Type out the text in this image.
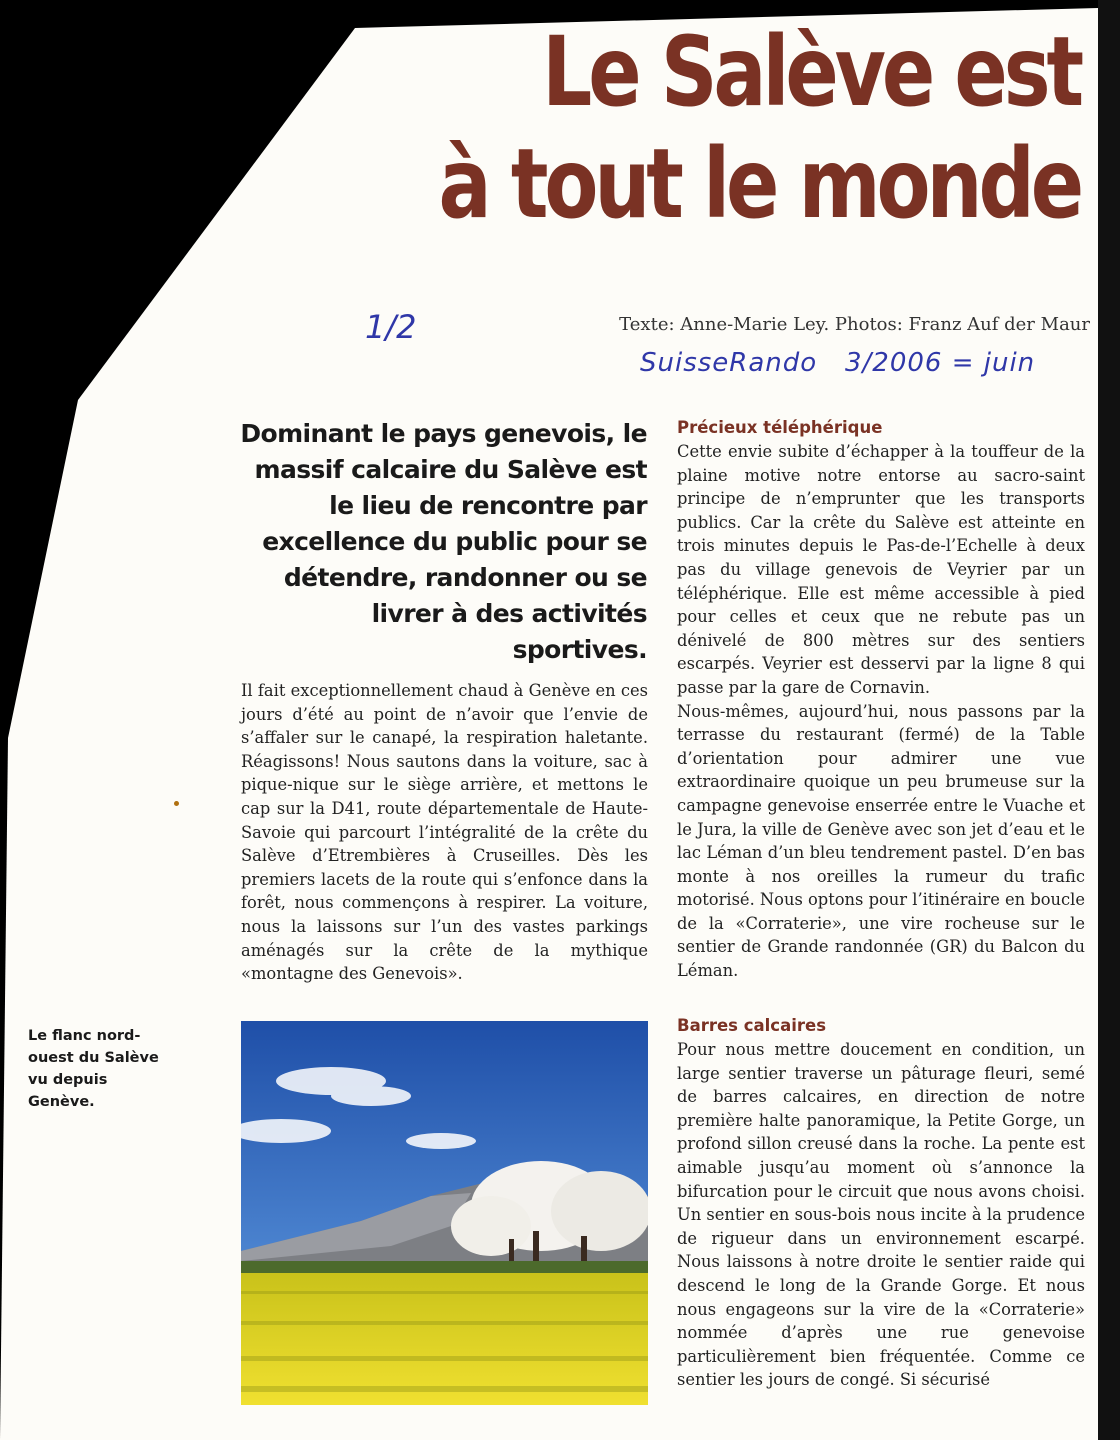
Le Salève est
à tout le monde
1/2	Texte: Anne-Marie Ley. Photos: Franz Auf der Maur
SuisseRando   3/2006 = juin

Dominant le pays genevois, le massif calcaire du Salève est le lieu de rencontre par excellence du public pour se détendre, randonner ou se livrer à des activités sportives.

Il fait exceptionnellement chaud à Genève en ces jours d’été au point de n’avoir que l’envie de s’affaler sur le canapé, la respiration haletante. Réagissons! Nous sautons dans la voiture, sac à pique-nique sur le siège arrière, et mettons le cap sur la D41, route départementale de Haute-Savoie qui parcourt l’intégralité de la crête du Salève d’Etrembières à Cruseilles. Dès les premiers lacets de la route qui s’enfonce dans la forêt, nous commençons à respirer. La voiture, nous la laissons sur l’un des vastes parkings aménagés sur la crête de la mythique «montagne des Genevois».

Précieux téléphérique

Cette envie subite d’échapper à la touffeur de la plaine motive notre entorse au sacro-saint principe de n’emprunter que les transports publics. Car la crête du Salève est atteinte en trois minutes depuis le Pas-de-l’Echelle à deux pas du village genevois de Veyrier par un téléphérique. Elle est même accessible à pied pour celles et ceux que ne rebute pas un dénivelé de 800 mètres sur des sentiers escarpés. Veyrier est desservi par la ligne 8 qui passe par la gare de Cornavin.

Nous-mêmes, aujourd’hui, nous passons par la terrasse du restaurant (fermé) de la Table d’orientation pour admirer une vue extraordinaire quoique un peu brumeuse sur la campagne genevoise enserrée entre le Vuache et le Jura, la ville de Genève avec son jet d’eau et le lac Léman d’un bleu tendrement pastel. D’en bas monte à nos oreilles la rumeur du trafic motorisé. Nous optons pour l’itinéraire en boucle de la «Corraterie», une vire rocheuse sur le sentier de Grande randonnée (GR) du Balcon du Léman.

Barres calcaires

Pour nous mettre doucement en condition, un large sentier traverse un pâturage fleuri, semé de barres calcaires, en direction de notre première halte panoramique, la Petite Gorge, un profond sillon creusé dans la roche. La pente est aimable jusqu’au moment où s’annonce la bifurcation pour le circuit que nous avons choisi. Un sentier en sous-bois nous incite à la prudence de rigueur dans un environnement escarpé. Nous laissons à notre droite le sentier raide qui descend le long de la Grande Gorge. Et nous nous engageons sur la vire de la «Corraterie» nommée d’après une rue genevoise particulièrement bien fréquentée. Comme ce sentier les jours de congé. Si sécurisé

Le flanc nord-ouest du Salève vu depuis Genève.
